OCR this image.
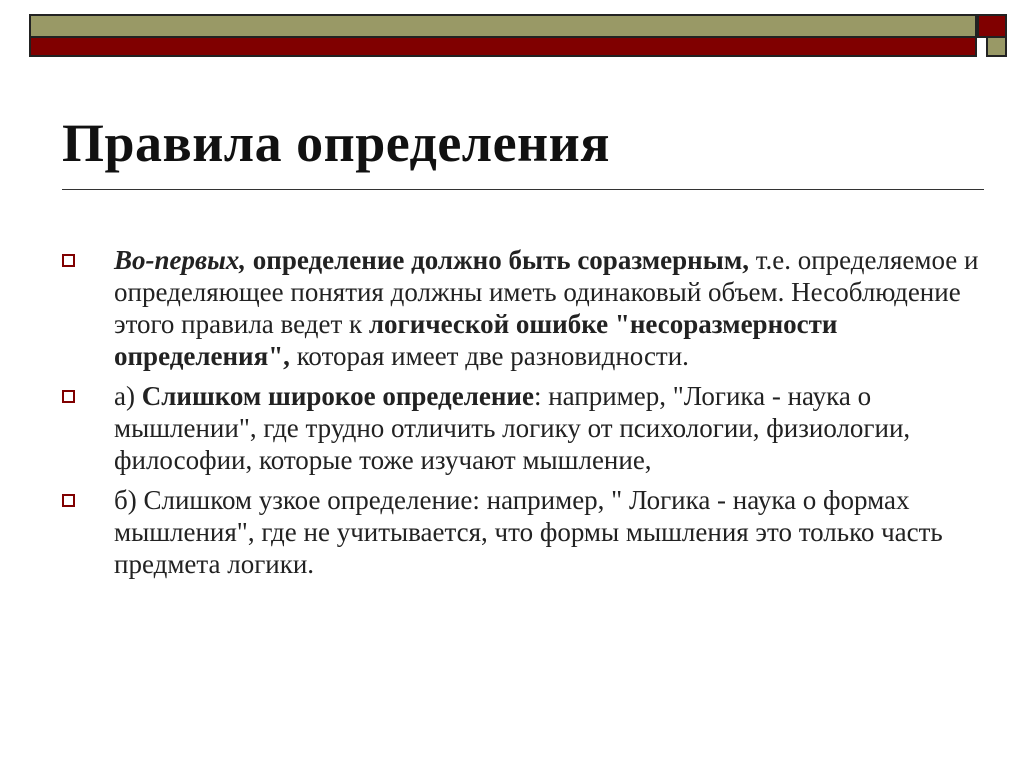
Правила определения
Во-первых, определение должно быть соразмерным, т.е. определяемое и определяющее понятия должны иметь одинаковый объем. Несоблюдение этого правила ведет к логической ошибке "несоразмерности определения", которая имеет две разновидности.
а) Слишком широкое определение: например, "Логика - наука о мышлении", где трудно отличить логику от психологии, физиологии, философии, которые тоже изучают мышление,
б) Слишком узкое определение: например, " Логика - наука о формах мышления", где не учитывается, что формы мышления это только часть предмета логики.
